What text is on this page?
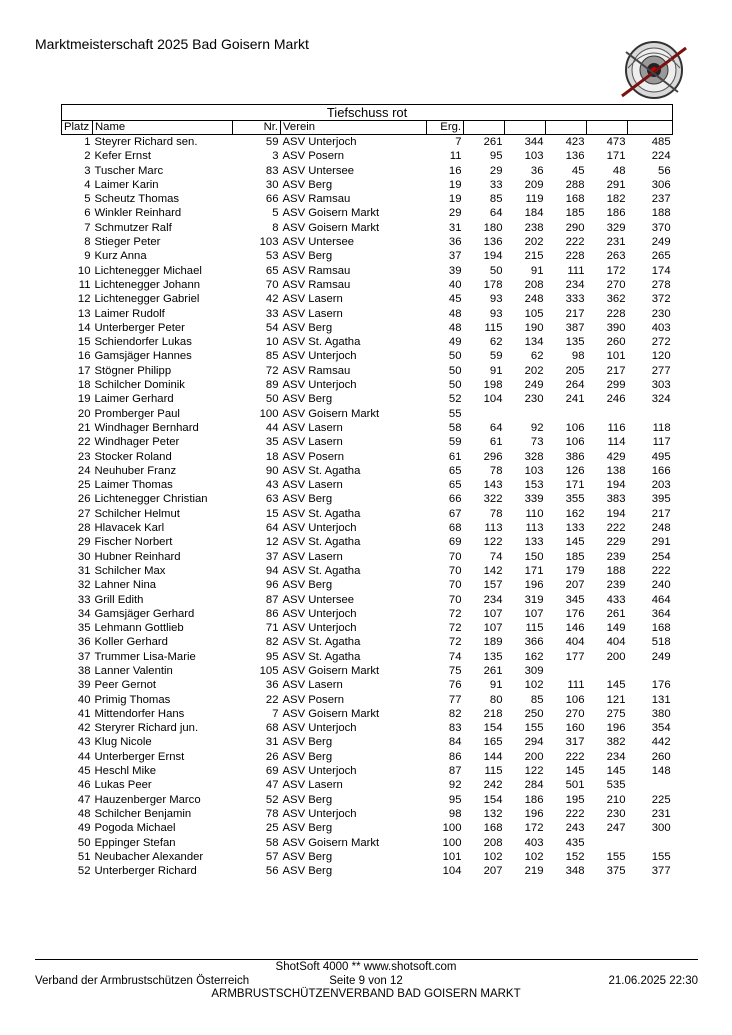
Marktmeisterschaft 2025 Bad Goisern Markt
Tiefschuss rot									
Platz	Name	Nr.	Verein	Erg.					
1	Steyrer Richard sen.	59	ASV Unterjoch	7	261	344	423	473	485
2	Kefer Ernst	3	ASV Posern	11	95	103	136	171	224
3	Tuscher Marc	83	ASV Untersee	16	29	36	45	48	56
4	Laimer Karin	30	ASV Berg	19	33	209	288	291	306
5	Scheutz Thomas	66	ASV Ramsau	19	85	119	168	182	237
6	Winkler Reinhard	5	ASV Goisern Markt	29	64	184	185	186	188
7	Schmutzer Ralf	8	ASV Goisern Markt	31	180	238	290	329	370
8	Stieger Peter	103	ASV Untersee	36	136	202	222	231	249
9	Kurz Anna	53	ASV Berg	37	194	215	228	263	265
10	Lichtenegger Michael	65	ASV Ramsau	39	50	91	111	172	174
11	Lichtenegger Johann	70	ASV Ramsau	40	178	208	234	270	278
12	Lichtenegger Gabriel	42	ASV Lasern	45	93	248	333	362	372
13	Laimer Rudolf	33	ASV Lasern	48	93	105	217	228	230
14	Unterberger Peter	54	ASV Berg	48	115	190	387	390	403
15	Schiendorfer Lukas	10	ASV St. Agatha	49	62	134	135	260	272
16	Gamsjäger Hannes	85	ASV Unterjoch	50	59	62	98	101	120
17	Stögner Philipp	72	ASV Ramsau	50	91	202	205	217	277
18	Schilcher Dominik	89	ASV Unterjoch	50	198	249	264	299	303
19	Laimer Gerhard	50	ASV Berg	52	104	230	241	246	324
20	Promberger Paul	100	ASV Goisern Markt	55					
21	Windhager Bernhard	44	ASV Lasern	58	64	92	106	116	118
22	Windhager Peter	35	ASV Lasern	59	61	73	106	114	117
23	Stocker Roland	18	ASV Posern	61	296	328	386	429	495
24	Neuhuber Franz	90	ASV St. Agatha	65	78	103	126	138	166
25	Laimer Thomas	43	ASV Lasern	65	143	153	171	194	203
26	Lichtenegger Christian	63	ASV Berg	66	322	339	355	383	395
27	Schilcher Helmut	15	ASV St. Agatha	67	78	110	162	194	217
28	Hlavacek Karl	64	ASV Unterjoch	68	113	113	133	222	248
29	Fischer Norbert	12	ASV St. Agatha	69	122	133	145	229	291
30	Hubner Reinhard	37	ASV Lasern	70	74	150	185	239	254
31	Schilcher Max	94	ASV St. Agatha	70	142	171	179	188	222
32	Lahner Nina	96	ASV Berg	70	157	196	207	239	240
33	Grill Edith	87	ASV Untersee	70	234	319	345	433	464
34	Gamsjäger Gerhard	86	ASV Unterjoch	72	107	107	176	261	364
35	Lehmann Gottlieb	71	ASV Unterjoch	72	107	115	146	149	168
36	Koller Gerhard	82	ASV St. Agatha	72	189	366	404	404	518
37	Trummer Lisa-Marie	95	ASV St. Agatha	74	135	162	177	200	249
38	Lanner Valentin	105	ASV Goisern Markt	75	261	309			
39	Peer Gernot	36	ASV Lasern	76	91	102	111	145	176
40	Primig Thomas	22	ASV Posern	77	80	85	106	121	131
41	Mittendorfer Hans	7	ASV Goisern Markt	82	218	250	270	275	380
42	Steryrer Richard jun.	68	ASV Unterjoch	83	154	155	160	196	354
43	Klug Nicole	31	ASV Berg	84	165	294	317	382	442
44	Unterberger Ernst	26	ASV Berg	86	144	200	222	234	260
45	Heschl Mike	69	ASV Unterjoch	87	115	122	145	145	148
46	Lukas Peer	47	ASV Lasern	92	242	284	501	535	
47	Hauzenberger Marco	52	ASV Berg	95	154	186	195	210	225
48	Schilcher Benjamin	78	ASV Unterjoch	98	132	196	222	230	231
49	Pogoda Michael	25	ASV Berg	100	168	172	243	247	300
50	Eppinger Stefan	58	ASV Goisern Markt	100	208	403	435		
51	Neubacher Alexander	57	ASV Berg	101	102	102	152	155	155
52	Unterberger Richard	56	ASV Berg	104	207	219	348	375	377
ShotSoft 4000 ** www.shotsoft.com
Verband der Armbrustschützen Österreich	Seite 9 von 12	21.06.2025 22:30
ARMBRUSTSCHÜTZENVERBAND BAD GOISERN MARKT
